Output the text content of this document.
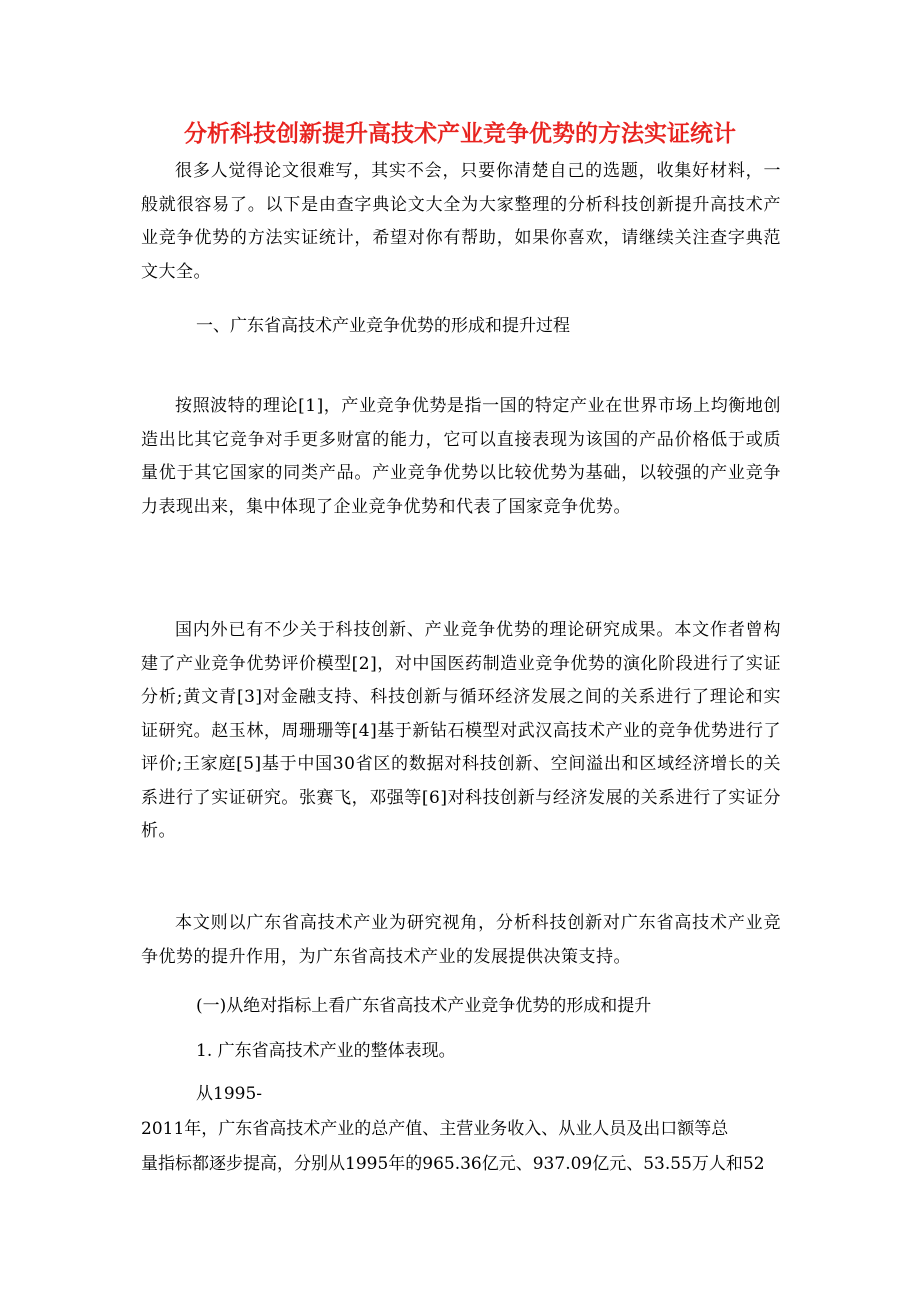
分析科技创新提升高技术产业竞争优势的方法实证统计

很多人觉得论文很难写，其实不会，只要你清楚自己的选题，收集好材料，一般就很容易了。以下是由查字典论文大全为大家整理的分析科技创新提升高技术产业竞争优势的方法实证统计，希望对你有帮助，如果你喜欢，请继续关注查字典范文大全。

一、广东省高技术产业竞争优势的形成和提升过程

按照波特的理论[1]，产业竞争优势是指一国的特定产业在世界市场上均衡地创造出比其它竞争对手更多财富的能力，它可以直接表现为该国的产品价格低于或质量优于其它国家的同类产品。产业竞争优势以比较优势为基础，以较强的产业竞争力表现出来，集中体现了企业竞争优势和代表了国家竞争优势。

国内外已有不少关于科技创新、产业竞争优势的理论研究成果。本文作者曾构建了产业竞争优势评价模型[2]，对中国医药制造业竞争优势的演化阶段进行了实证分析;黄文青[3]对金融支持、科技创新与循环经济发展之间的关系进行了理论和实证研究。赵玉林，周珊珊等[4]基于新钻石模型对武汉高技术产业的竞争优势进行了评价;王家庭[5]基于中国30省区的数据对科技创新、空间溢出和区域经济增长的关系进行了实证研究。张赛飞，邓强等[6]对科技创新与经济发展的关系进行了实证分析。

本文则以广东省高技术产业为研究视角，分析科技创新对广东省高技术产业竞争优势的提升作用，为广东省高技术产业的发展提供决策支持。

(一)从绝对指标上看广东省高技术产业竞争优势的形成和提升

1. 广东省高技术产业的整体表现。

从1995-

2011年，广东省高技术产业的总产值、主营业务收入、从业人员及出口额等总

量指标都逐步提高，分别从1995年的965.36亿元、937.09亿元、53.55万人和52
